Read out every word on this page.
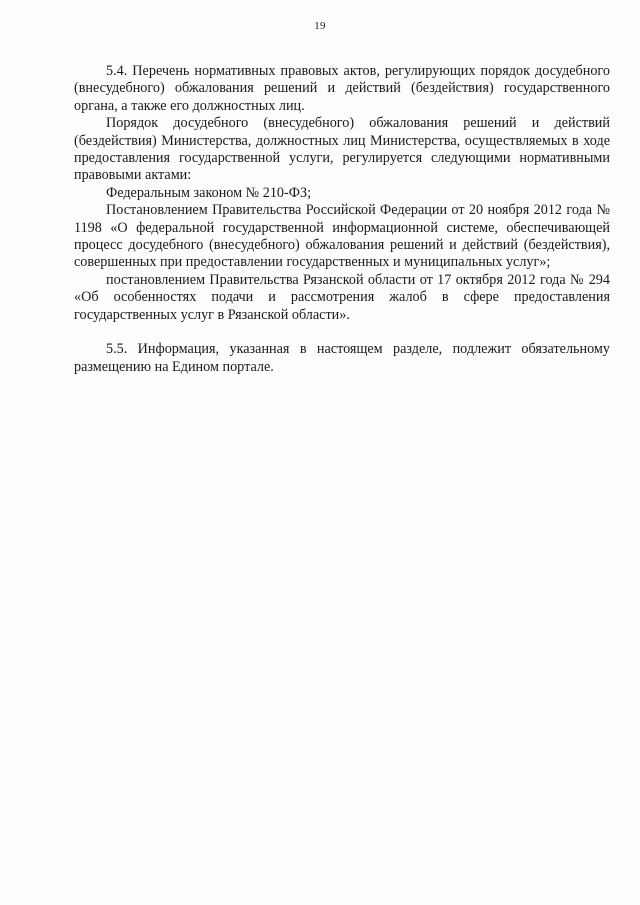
19

5.4. Перечень нормативных правовых актов, регулирующих порядок досудебного (внесудебного) обжалования решений и действий (бездействия) государственного органа, а также его должностных лиц.

Порядок досудебного (внесудебного) обжалования решений и действий (бездействия) Министерства, должностных лиц Министерства, осуществляемых в ходе предоставления государственной услуги, регулируется следующими нормативными правовыми актами:

Федеральным законом № 210-ФЗ;

Постановлением Правительства Российской Федерации от 20 ноября 2012 года № 1198 «О федеральной государственной информационной системе, обеспечивающей процесс досудебного (внесудебного) обжалования решений и действий (бездействия), совершенных при предоставлении государственных и муниципальных услуг»;

постановлением Правительства Рязанской области от 17 октября 2012 года № 294 «Об особенностях подачи и рассмотрения жалоб в сфере предоставления государственных услуг в Рязанской области».

5.5. Информация, указанная в настоящем разделе, подлежит обязательному размещению на Едином портале.
